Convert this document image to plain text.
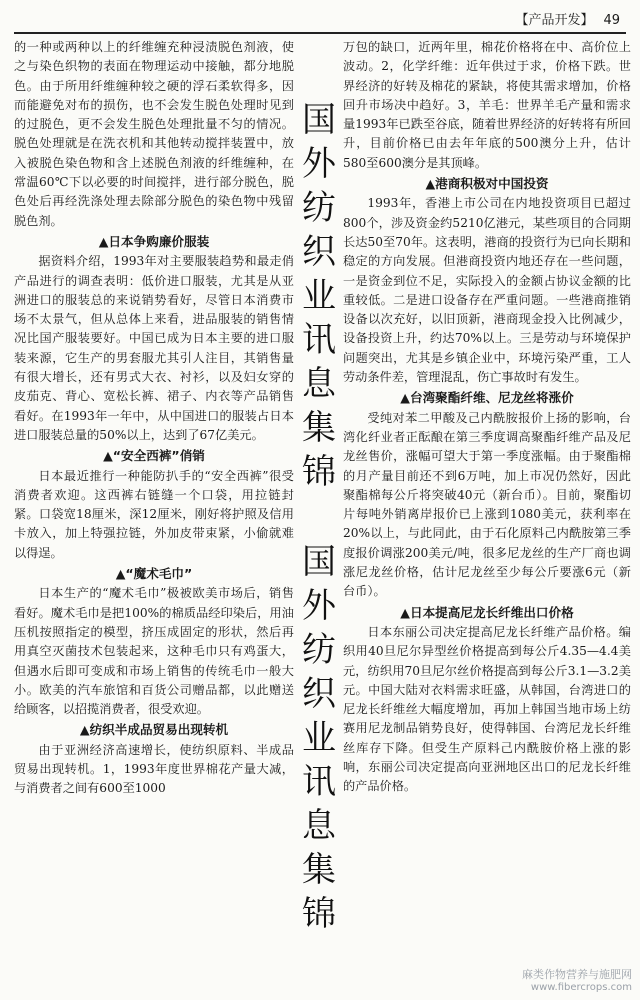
【产品开发】 49

的一种或两种以上的纤维缠充种浸渍脱色剂液，使之与染色织物的表面在物理运动中接触，都分地脱色。由于所用纤维缠种较之硬的浮石柔软得多，因而能避免对布的损伤，也不会发生脱色处理时见到的过脱色，更不会发生脱色处理批量不匀的情况。脱色处理就是在洗衣机和其他转动搅拌装置中，放入被脱色染色物和含上述脱色剂液的纤维缠种，在常温60℃下以必要的时间搅拌，进行部分脱色，脱色处后再经洗涤处理去除部分脱色的染色物中残留脱色剂。

▲日本争购廉价服装

据资料介绍，1993年对主要服装趋势和最走俏产品进行的调查表明：低价进口服装，尤其是从亚洲进口的服装总的来说销势看好，尽管日本消费市场不太景气，但从总体上来看，进品服装的销售情况比国产服装要好。中国已成为日本主要的进口服装来源，它生产的男套服尤其引人注目，其销售量有很大增长，还有男式大衣、衬衫，以及妇女穿的皮茄克、背心、宽松长裤、裙子、内衣等产品销售看好。在1993年一年中，从中国进口的服装占日本进口服装总量的50%以上，达到了67亿美元。

▲“安全西裤”俏销

日本最近推行一种能防扒手的“安全西裤”很受消费者欢迎。这西裤右链缝一个口袋，用拉链封紧。口袋宽18厘米，深12厘米，刚好将护照及信用卡放入，加上特强拉链，外加皮带束紧，小偷就难以得逞。

▲“魔术毛巾”

日本生产的“魔术毛巾”极被欧美市场后，销售看好。魔术毛巾是把100%的棉质品经印染后，用油压机按照指定的模型，挤压成固定的形状，然后再用真空灭菌技术包装起来，这种毛巾只有鸡蛋大，但遇水后即可变成和市场上销售的传统毛巾一般大小。欧美的汽车旅馆和百货公司赠品都，以此赠送给顾客，以招揽消费者，很受欢迎。

▲纺织半成品贸易出现转机

由于亚洲经济高速增长，使纺织原料、半成品贸易出现转机。1，1993年度世界棉花产量大减，与消费者之间有600至1000

国
外
纺
织
业
讯
息
集
锦
国
外
纺
织
业
讯
息
集
锦

万包的缺口，近两年里，棉花价格将在中、高价位上波动。2，化学纤维：近年供过于求，价格下跌。世界经济的好转及棉花的紧缺，将使其需求增加，价格回升市场决中趋好。3，羊毛：世界羊毛产量和需求量1993年已跌至谷底，随着世界经济的好转将有所回升，目前价格已由去年年底的500澳分上升，估计580至600澳分是其顶峰。

▲港商积极对中国投资

1993年，香港上市公司在内地投资项目已超过800个，涉及资金约5210亿港元，某些项目的合同期长达50至70年。这表明，港商的投资行为已向长期和稳定的方向发展。但港商投资内地还存在一些问题，一是资金到位不足，实际投入的金额占协议金额的比重较低。二是进口设备存在严重问题。一些港商推销设备以次充好，以旧顶新，港商现金投入比例减少，设备投资上升，约达70%以上。三是劳动与环境保护问题突出，尤其是乡镇企业中，环境污染严重，工人劳动条件差，管理混乱，伤亡事故时有发生。

▲台湾聚酯纤维、尼龙丝将涨价

受纯对苯二甲酸及己内酰胺报价上扬的影响，台湾化纤业者正酝酿在第三季度调高聚酯纤维产品及尼龙丝售价，涨幅可望大于第一季度涨幅。由于聚酯棉的月产量目前还不到6万吨，加上市况仍然好，因此聚酯棉每公斤将突破40元（新台币）。目前，聚酯切片每吨外销离岸报价已上涨到1080美元，获利率在20%以上，与此同此，由于石化原料己内酰胺第三季度报价调涨200美元/吨，很多尼龙丝的生产厂商也调涨尼龙丝价格，估计尼龙丝至少每公斤要涨6元（新台币）。

▲日本提高尼龙长纤维出口价格

日本东丽公司决定提高尼龙长纤维产品价格。编织用40旦尼尔异型丝价格提高到每公斤4.35—4.4美元，纺织用70旦尼尔丝价格提高到每公斤3.1—3.2美元。中国大陆对衣料需求旺盛，从韩国，台湾进口的尼龙长纤维丝大幅度增加，再加上韩国当地市场上纺赛用尼龙制品销势良好，使得韩国、台湾尼龙长纤维丝库存下降。但受生产原料己内酰胺价格上涨的影响，东丽公司决定提高向亚洲地区出口的尼龙长纤维的产品价格。

麻类作物营养与施肥网
www.fibercrops.com
